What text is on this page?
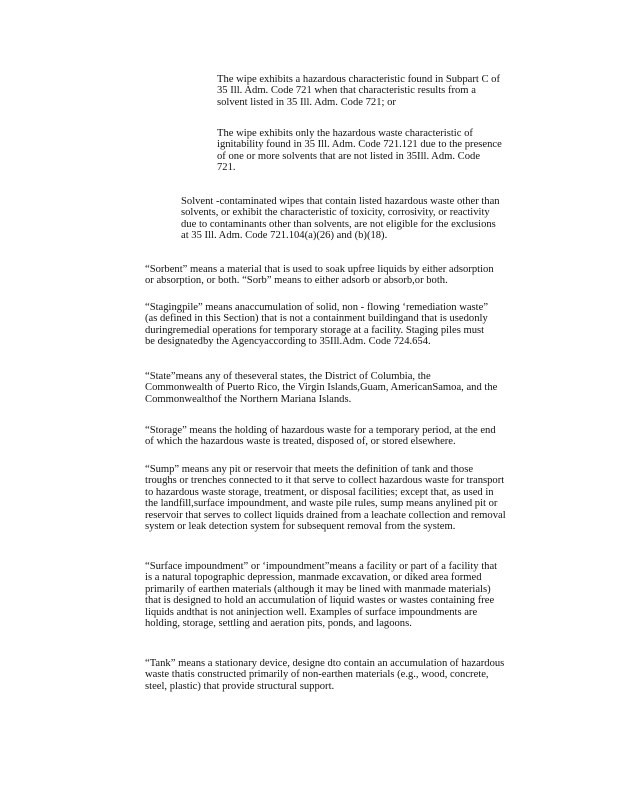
The wipe exhibits a hazardous characteristic found in Subpart C of
35 Ill. Adm. Code 721 when that characteristic results from a
solvent listed in 35 Ill. Adm. Code 721; or

The wipe exhibits only the hazardous waste characteristic of
ignitability found in 35 Ill. Adm. Code 721.121 due to the presence
of one or more solvents that are not listed in 35Ill. Adm. Code
721.

Solvent -contaminated wipes that contain listed hazardous waste other than
solvents, or exhibit the characteristic of toxicity, corrosivity, or reactivity
due to contaminants other than solvents, are not eligible for the exclusions
at 35 Ill. Adm. Code 721.104(a)(26) and (b)(18).

“Sorbent” means a material that is used to soak upfree liquids by either adsorption
or absorption, or both. “Sorb” means to either adsorb or absorb,or both.

“Stagingpile” means anaccumulation of solid, non - flowing ‘remediation waste”
(as defined in this Section) that is not a containment buildingand that is usedonly
duringremedial operations for temporary storage at a facility. Staging piles must
be designatedby the Agencyaccording to 35Ill.Adm. Code 724.654.

“State”means any of theseveral states, the District of Columbia, the
Commonwealth of Puerto Rico, the Virgin Islands,Guam, AmericanSamoa, and the
Commonwealthof the Northern Mariana Islands.

“Storage” means the holding of hazardous waste for a temporary period, at the end
of which the hazardous waste is treated, disposed of, or stored elsewhere.

“Sump” means any pit or reservoir that meets the definition of tank and those
troughs or trenches connected to it that serve to collect hazardous waste for transport
to hazardous waste storage, treatment, or disposal facilities; except that, as used in
the landfill,surface impoundment, and waste pile rules, sump means anylined pit or
reservoir that serves to collect liquids drained from a leachate collection and removal
system or leak detection system for subsequent removal from the system.

“Surface impoundment” or ‘impoundment”means a facility or part of a facility that
is a natural topographic depression, manmade excavation, or diked area formed
primarily of earthen materials (although it may be lined with manmade materials)
that is designed to hold an accumulation of liquid wastes or wastes containing free
liquids andthat is not aninjection well. Examples of surface impoundments are
holding, storage, settling and aeration pits, ponds, and lagoons.

“Tank” means a stationary device, designe dto contain an accumulation of hazardous
waste thatis constructed primarily of non-earthen materials (e.g., wood, concrete,
steel, plastic) that provide structural support.
